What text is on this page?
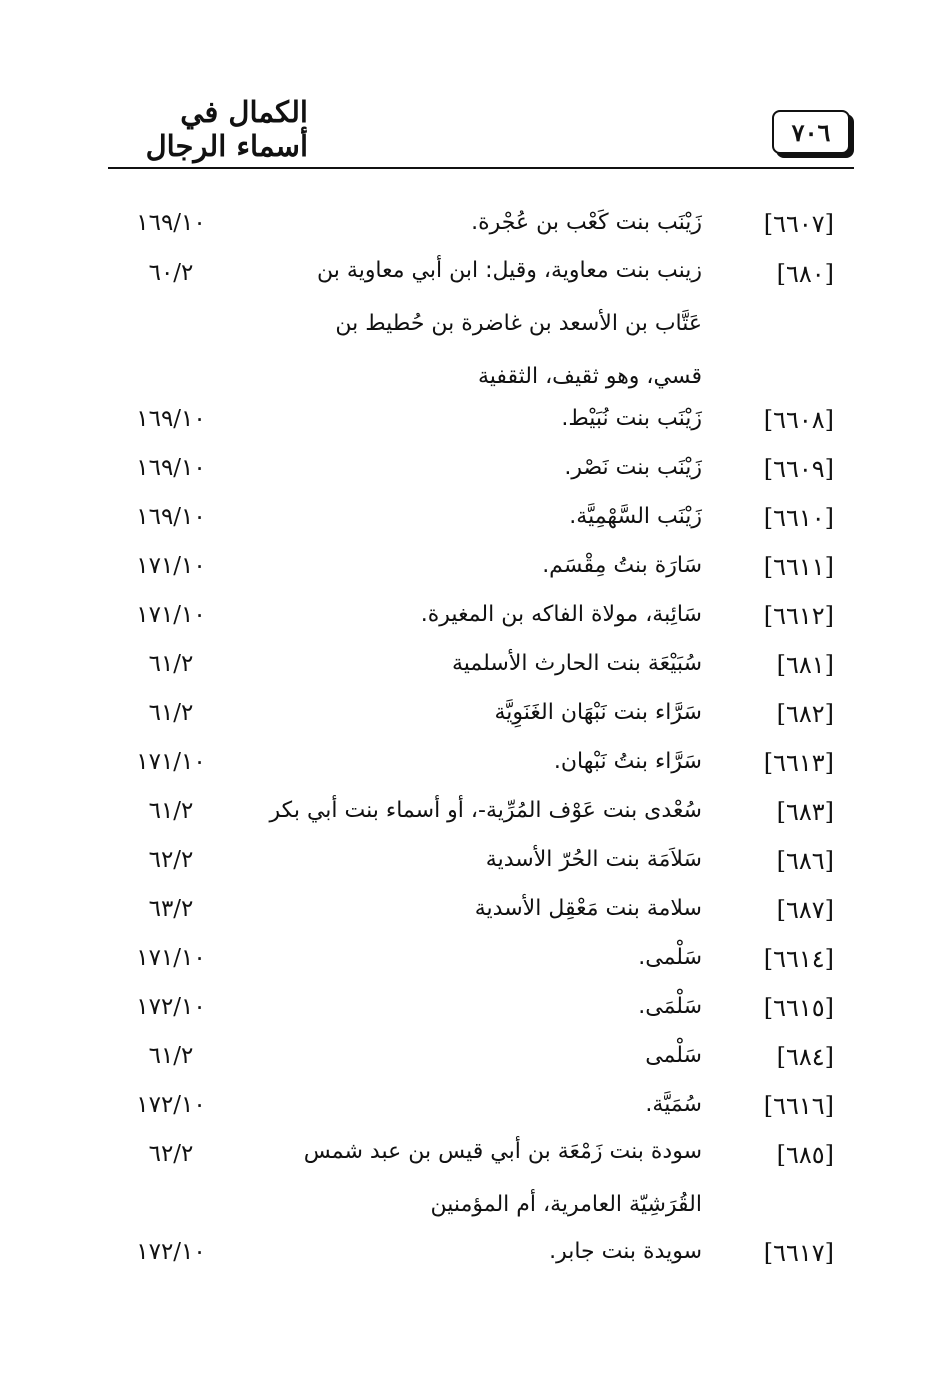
٧٠٦
الكمال في أسماء الرجال
[٦٦٠٧]
زَيْنَب بنت كَعْب بن عُجْرة.
١٦٩/١٠
[٦٨٠]
زينب بنت معاوية، وقيل: ابن أبي معاوية بن عَتَّاب بن الأسعد بن غاضرة بن حُطيط بن قسي، وهو ثقيف، الثقفية
٦٠/٢
[٦٦٠٨]
زَيْنَب بنت نُبَيْط.
١٦٩/١٠
[٦٦٠٩]
زَيْنَب بنت نَصْر.
١٦٩/١٠
[٦٦١٠]
زَيْنَب السَّهْمِيَّة.
١٦٩/١٠
[٦٦١١]
سَارَة بنتُ مِقْسَم.
١٧١/١٠
[٦٦١٢]
سَائِبة، مولاة الفاكه بن المغيرة.
١٧١/١٠
[٦٨١]
سُبَيْعَة بنت الحارث الأسلمية
٦١/٢
[٦٨٢]
سَرَّاء بنت نَبْهَان الغَنَوِيَّة
٦١/٢
[٦٦١٣]
سَرَّاء بنتُ نَبْهان.
١٧١/١٠
[٦٨٣]
سُعْدى بنت عَوْف المُرِّية-، أو أسماء بنت أبي بكر
٦١/٢
[٦٨٦]
سَلاَمَة بنت الحُرّ الأسدية
٦٢/٢
[٦٨٧]
سلامة بنت مَعْقِل الأسدية
٦٣/٢
[٦٦١٤]
سَلْمى.
١٧١/١٠
[٦٦١٥]
سَلْمَى.
١٧٢/١٠
[٦٨٤]
سَلْمى
٦١/٢
[٦٦١٦]
سُمَيَّة.
١٧٢/١٠
[٦٨٥]
سودة بنت زَمْعَة بن أبي قيس بن عبد شمس القُرَشِيّة العامرية، أم المؤمنين
٦٢/٢
[٦٦١٧]
سويدة بنت جابر.
١٧٢/١٠
